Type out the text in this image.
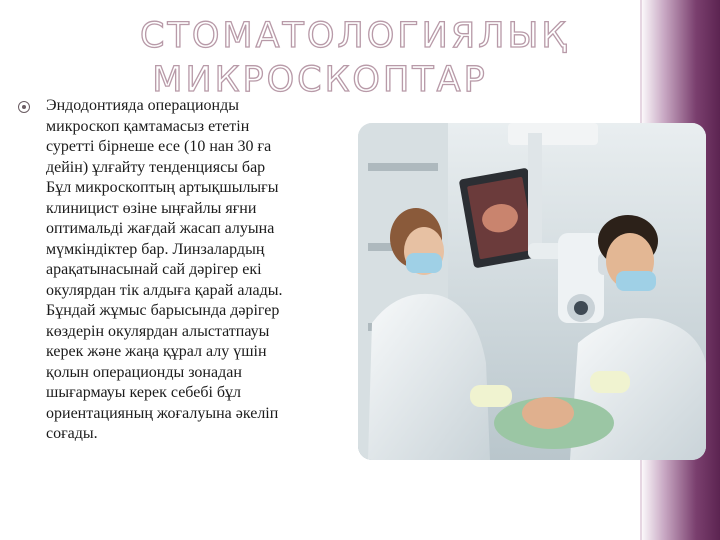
СТОМАТОЛОГИЯЛЫҚ
МИКРОСКОПТАР
Эндодонтияда операционды
микроскоп қамтамасыз ететін
суретті бірнеше есе (10 нан 30 ға
дейін) ұлғайту тенденциясы бар
Бұл микроскоптың артықшылығы
клиницист өзіне ыңғайлы яғни
оптимальді жағдай жасап алуына
мүмкіндіктер бар. Линзалардың
арақатынасынай сай дәрігер екі
окулярдан тік алдыға қарай алады.
Бұндай жұмыс барысында дәрігер
көздерін окулярдан алыстатпауы
керек және жаңа құрал алу үшін
қолын операционды зонадан
шығармауы керек себебі бұл
ориентацияның жоғалуына әкеліп
соғады.
